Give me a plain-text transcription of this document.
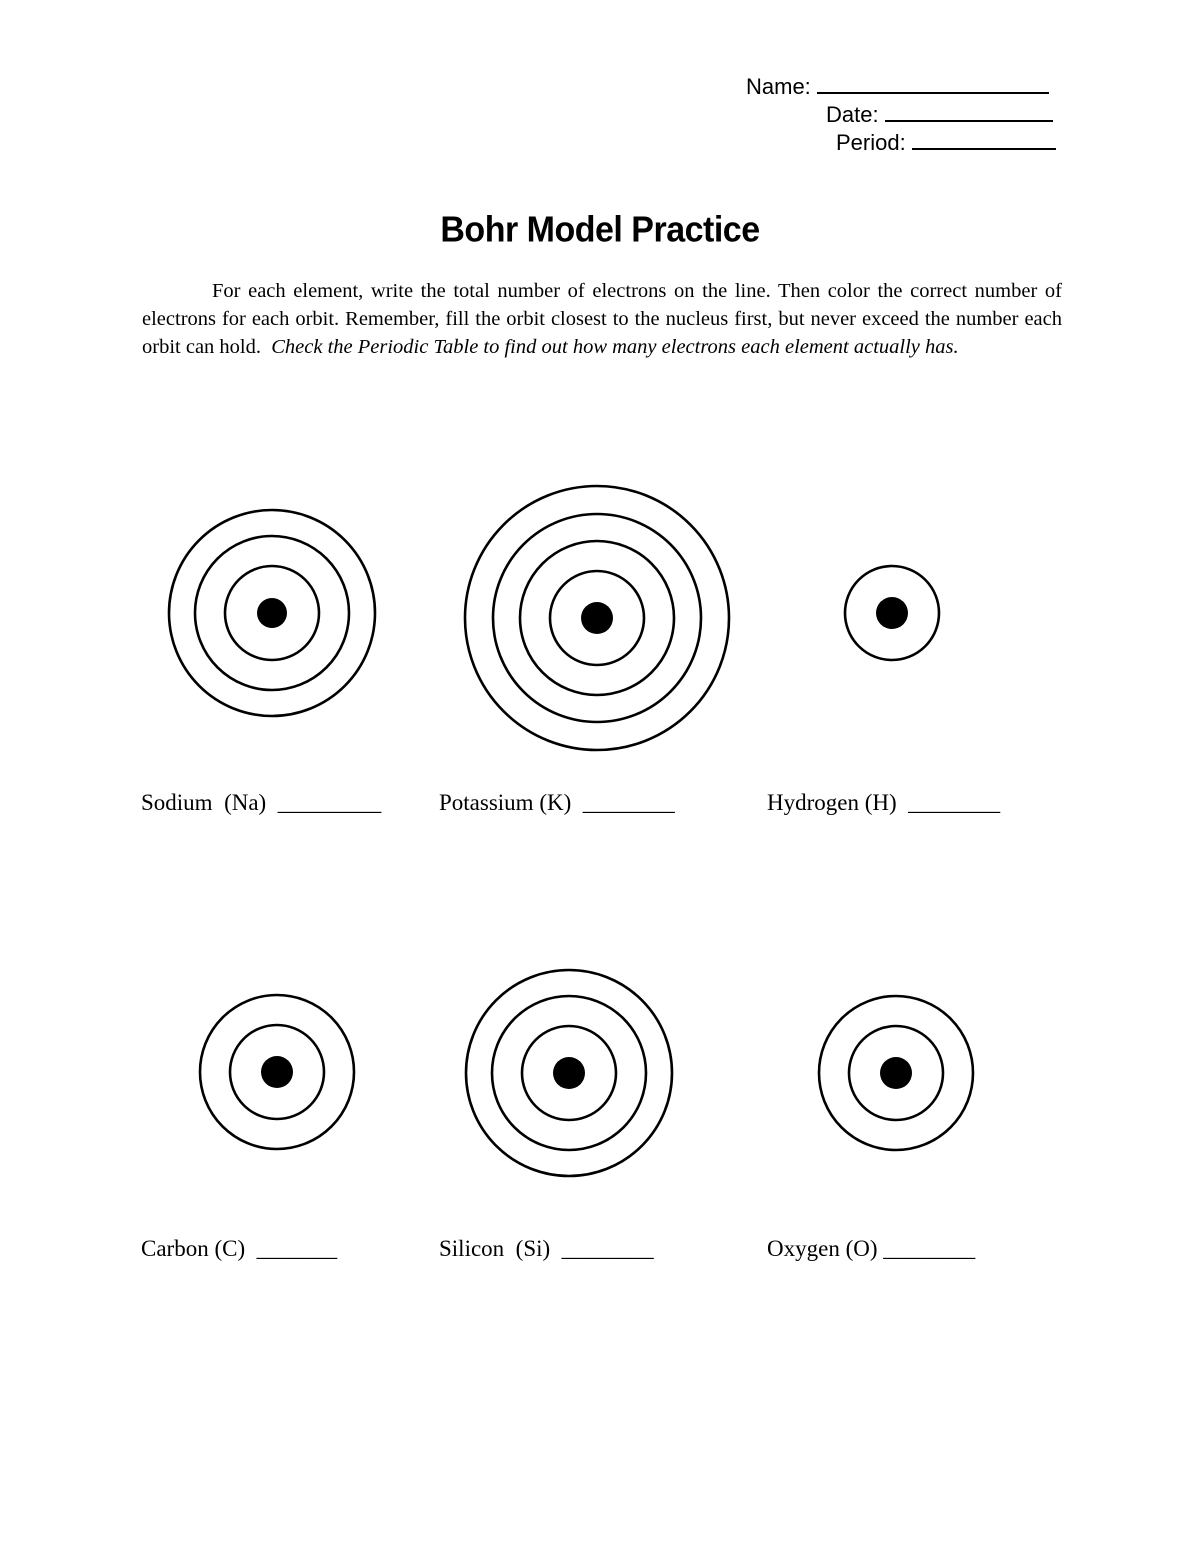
Name:
Date:
Period:
Bohr Model Practice
For each element, write the total number of electrons on the line. Then color the correct number of electrons for each orbit. Remember, fill the orbit closest to the nucleus first, but never exceed the number each orbit can hold. Check the Periodic Table to find out how many electrons each element actually has.
Sodium  (Na)  _________	Potassium (K)  ________	Hydrogen (H)  ________
Carbon (C)  _______	Silicon  (Si)  ________	Oxygen (O) ________
